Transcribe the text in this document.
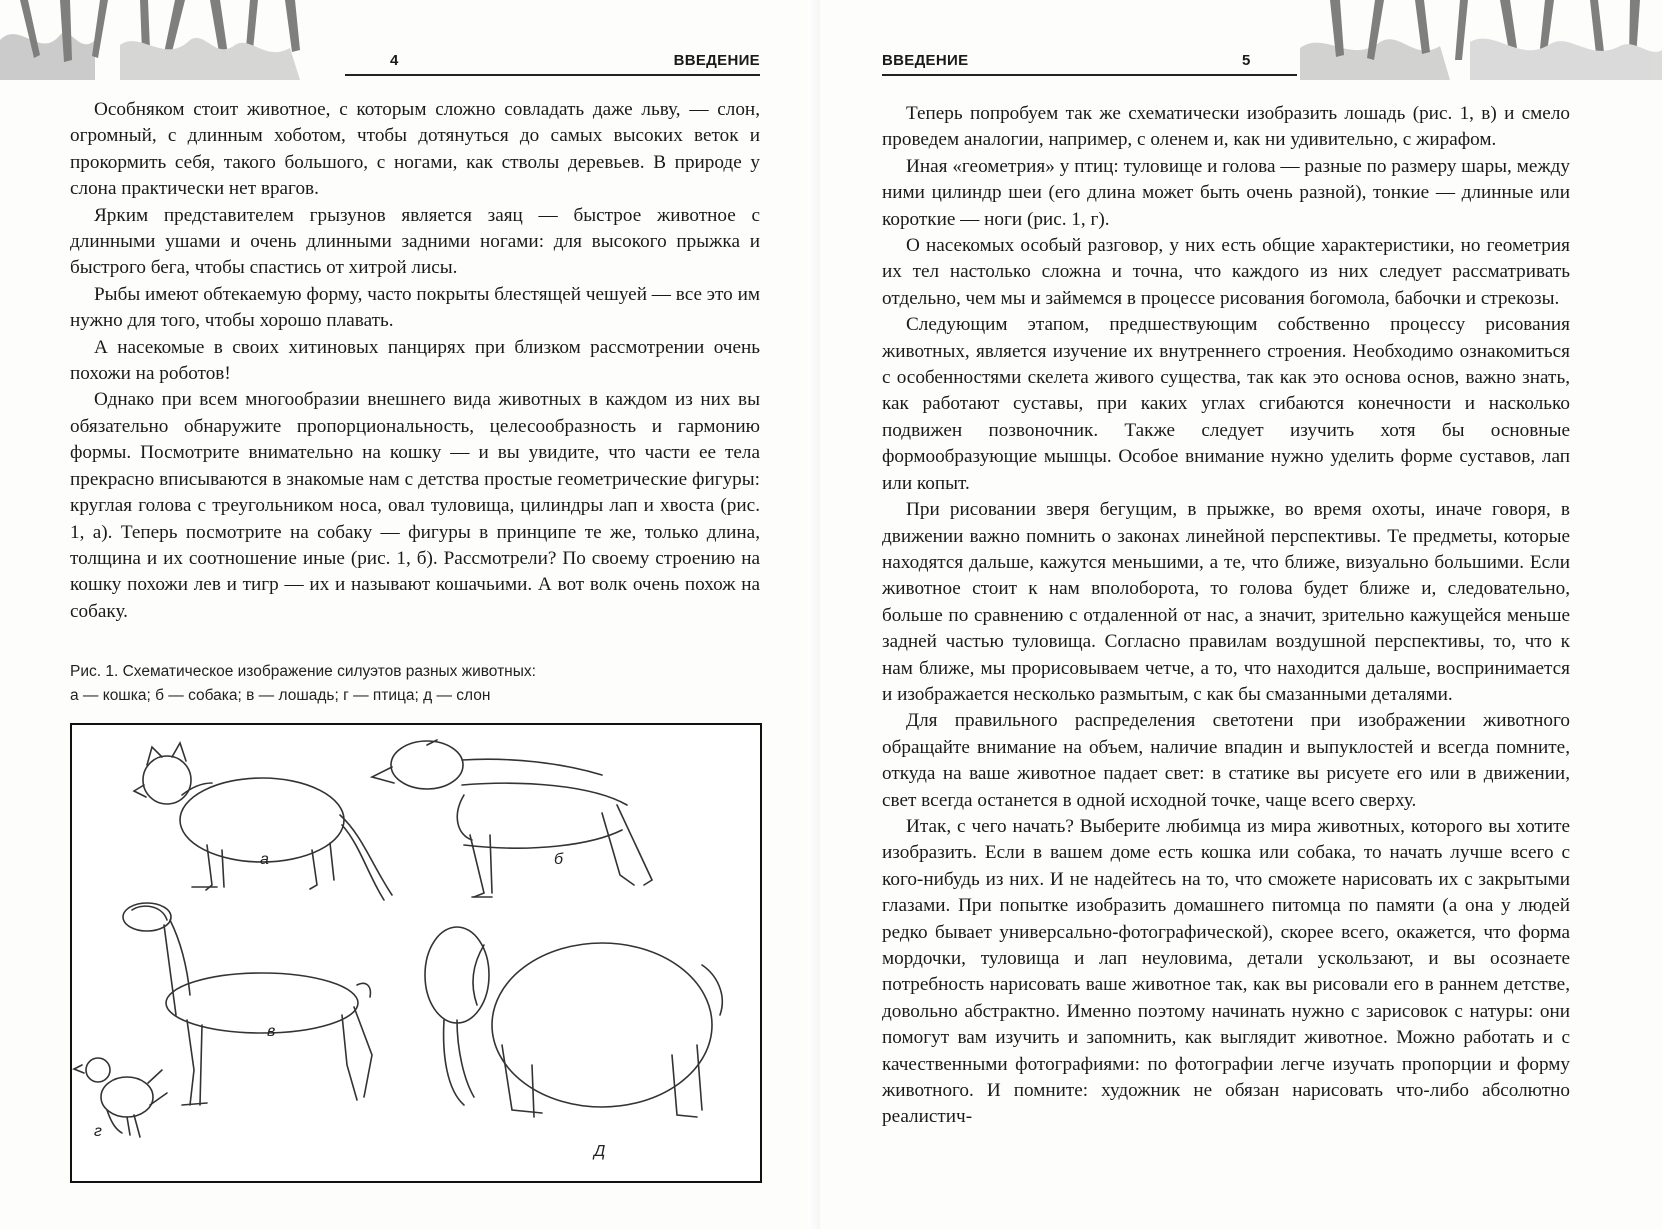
4	ВВЕДЕНИЕ

Особняком стоит животное, с которым сложно совладать даже льву, — слон, огромный, с длинным хоботом, чтобы дотянуться до самых высоких веток и прокормить себя, такого большого, с ногами, как стволы деревьев. В природе у слона практически нет врагов.

Ярким представителем грызунов является заяц — быстрое животное с длинными ушами и очень длинными задними ногами: для высокого прыжка и быстрого бега, чтобы спастись от хитрой лисы.

Рыбы имеют обтекаемую форму, часто покрыты блестящей чешуей — все это им нужно для того, чтобы хорошо плавать.

А насекомые в своих хитиновых панцирях при близком рассмотрении очень похожи на роботов!

Однако при всем многообразии внешнего вида животных в каждом из них вы обязательно обнаружите пропорциональность, целесообразность и гармонию формы. Посмотрите внимательно на кошку — и вы увидите, что части ее тела прекрасно вписываются в знакомые нам с детства простые геометрические фигуры: круглая голова с треугольником носа, овал туловища, цилиндры лап и хвоста (рис. 1, а). Теперь посмотрите на собаку — фигуры в принципе те же, только длина, толщина и их соотношение иные (рис. 1, б). Рассмотрели? По своему строению на кошку похожи лев и тигр — их и называют кошачьими. А вот волк очень похож на собаку.

Рис. 1. Схематическое изображение силуэтов разных животных:
а — кошка; б — собака; в — лошадь; г — птица; д — слон
а	б
в
г
Д
ВВЕДЕНИЕ	5

Теперь попробуем так же схематически изобразить лошадь (рис. 1, в) и смело проведем аналогии, например, с оленем и, как ни удивительно, с жирафом.

Иная «геометрия» у птиц: туловище и голова — разные по размеру шары, между ними цилиндр шеи (его длина может быть очень разной), тонкие — длинные или короткие — ноги (рис. 1, г).

О насекомых особый разговор, у них есть общие характеристики, но геометрия их тел настолько сложна и точна, что каждого из них следует рассматривать отдельно, чем мы и займемся в процессе рисования богомола, бабочки и стрекозы.

Следующим этапом, предшествующим собственно процессу рисования животных, является изучение их внутреннего строения. Необходимо ознакомиться с особенностями скелета живого существа, так как это основа основ, важно знать, как работают суставы, при каких углах сгибаются конечности и насколько подвижен позвоночник. Также следует изучить хотя бы основные формообразующие мышцы. Особое внимание нужно уделить форме суставов, лап или копыт.

При рисовании зверя бегущим, в прыжке, во время охоты, иначе говоря, в движении важно помнить о законах линейной перспективы. Те предметы, которые находятся дальше, кажутся меньшими, а те, что ближе, визуально большими. Если животное стоит к нам вполоборота, то голова будет ближе и, следовательно, больше по сравнению с отдаленной от нас, а значит, зрительно кажущейся меньше задней частью туловища. Согласно правилам воздушной перспективы, то, что к нам ближе, мы прорисовываем четче, а то, что находится дальше, воспринимается и изображается несколько размытым, с как бы смазанными деталями.

Для правильного распределения светотени при изображении животного обращайте внимание на объем, наличие впадин и выпуклостей и всегда помните, откуда на ваше животное падает свет: в статике вы рисуете его или в движении, свет всегда останется в одной исходной точке, чаще всего сверху.

Итак, с чего начать? Выберите любимца из мира животных, которого вы хотите изобразить. Если в вашем доме есть кошка или собака, то начать лучше всего с кого-нибудь из них. И не надейтесь на то, что сможете нарисовать их с закрытыми глазами. При попытке изобразить домашнего питомца по памяти (а она у людей редко бывает универсально-фотографической), скорее всего, окажется, что форма мордочки, туловища и лап неуловима, детали ускользают, и вы осознаете потребность нарисовать ваше животное так, как вы рисовали его в раннем детстве, довольно абстрактно. Именно поэтому начинать нужно с зарисовок с натуры: они помогут вам изучить и запомнить, как выглядит животное. Можно работать и с качественными фотографиями: по фотографии легче изучать пропорции и форму животного. И помните: художник не обязан нарисовать что-либо абсолютно реалистич-
